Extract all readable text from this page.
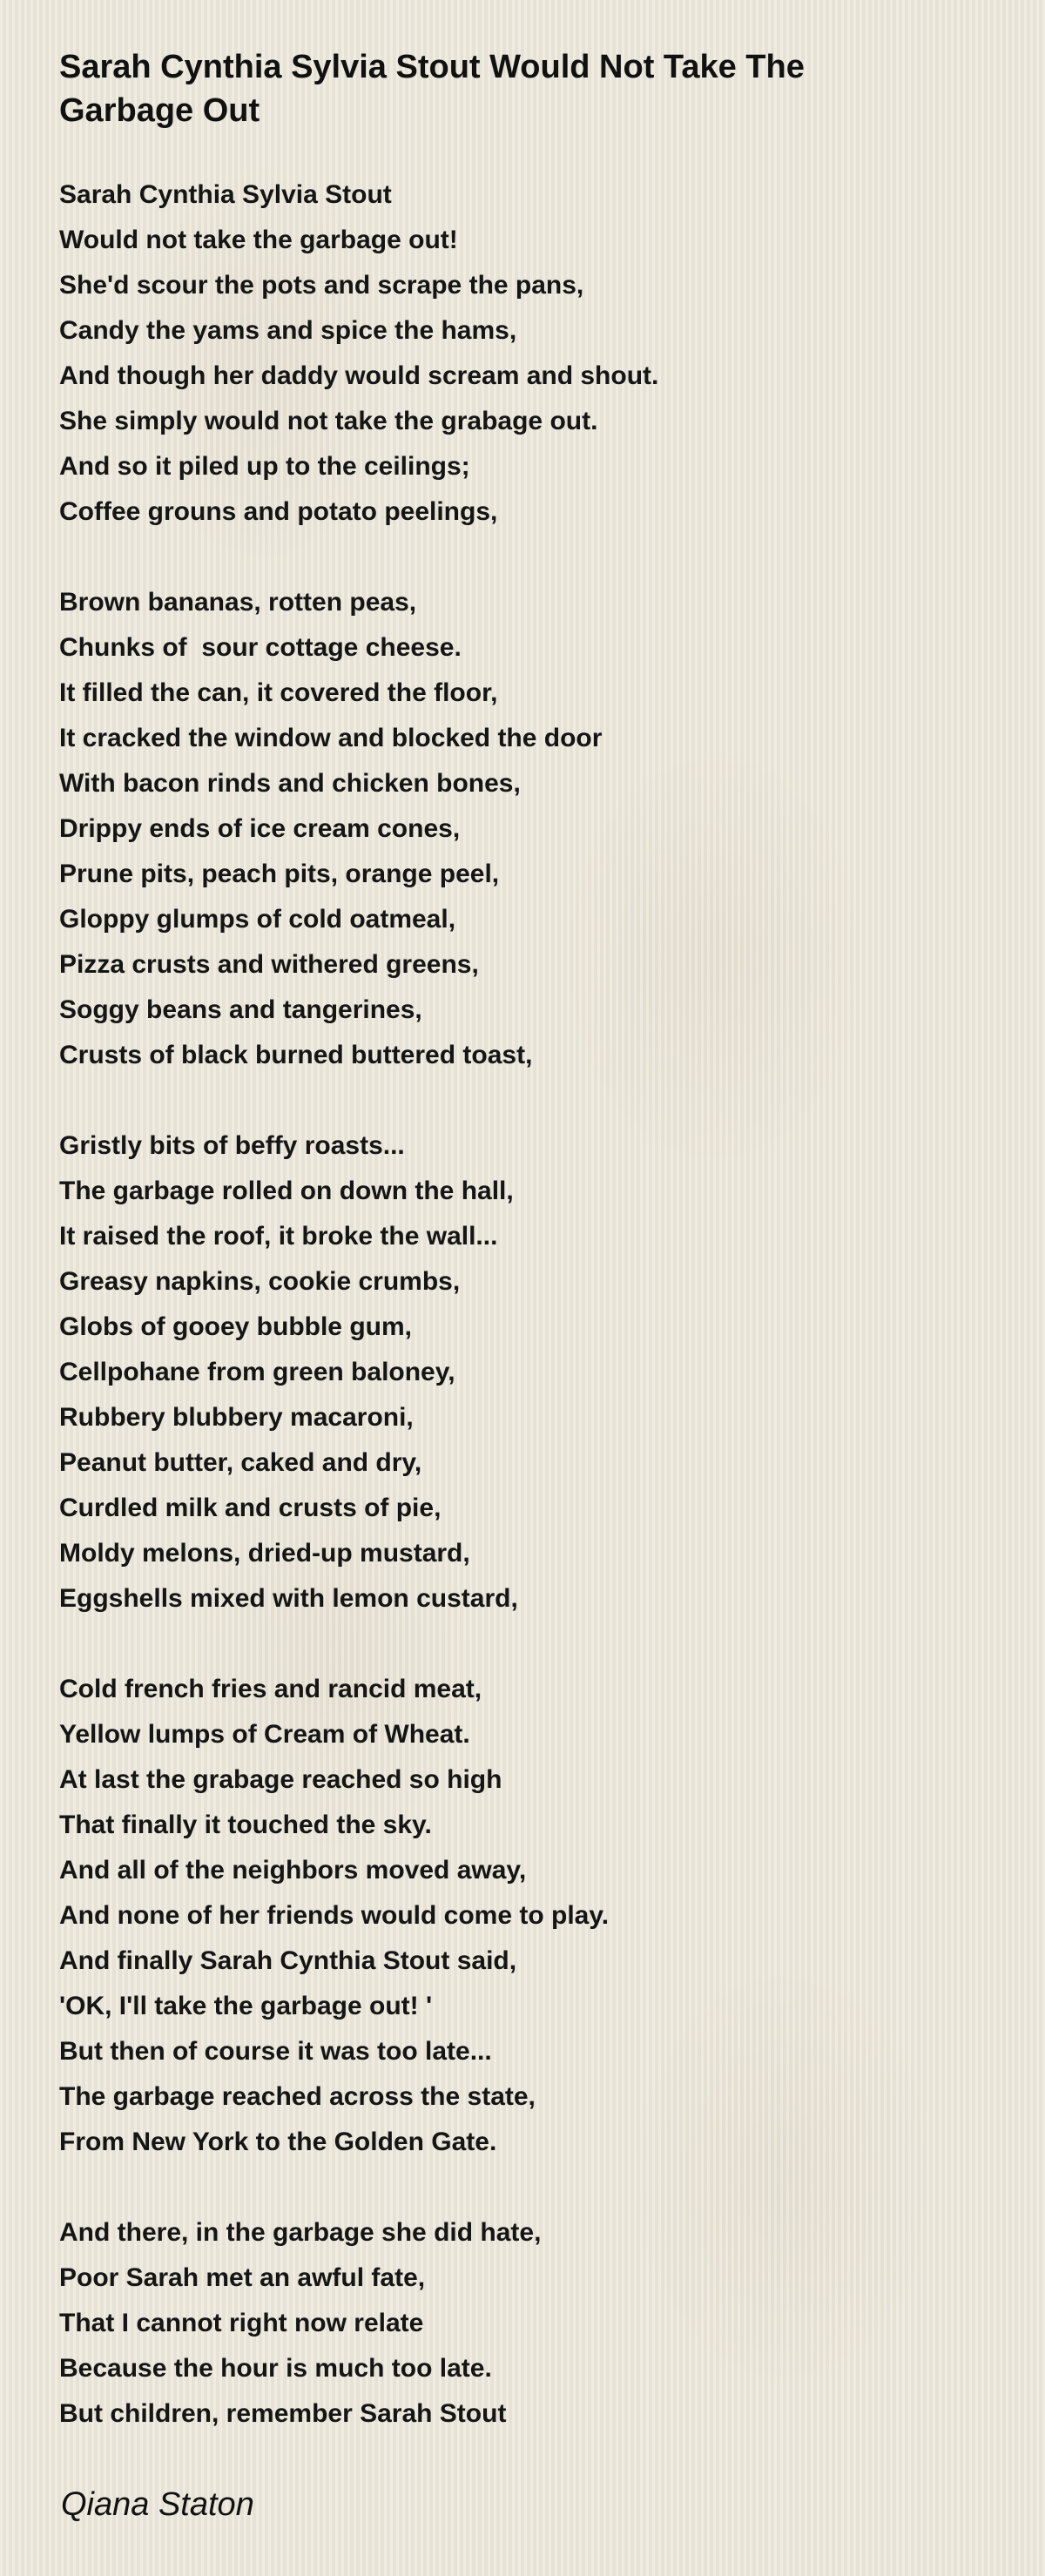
Sarah Cynthia Sylvia Stout Would Not Take The Garbage Out
Sarah Cynthia Sylvia Stout
Would not take the garbage out!
She'd scour the pots and scrape the pans,
Candy the yams and spice the hams,
And though her daddy would scream and shout.
She simply would not take the grabage out.
And so it piled up to the ceilings;
Coffee grouns and potato peelings,
Brown bananas, rotten peas,
Chunks of  sour cottage cheese.
It filled the can, it covered the floor,
It cracked the window and blocked the door
With bacon rinds and chicken bones,
Drippy ends of ice cream cones,
Prune pits, peach pits, orange peel,
Gloppy glumps of cold oatmeal,
Pizza crusts and withered greens,
Soggy beans and tangerines,
Crusts of black burned buttered toast,
Gristly bits of beffy roasts...
The garbage rolled on down the hall,
It raised the roof, it broke the wall...
Greasy napkins, cookie crumbs,
Globs of gooey bubble gum,
Cellpohane from green baloney,
Rubbery blubbery macaroni,
Peanut butter, caked and dry,
Curdled milk and crusts of pie,
Moldy melons, dried-up mustard,
Eggshells mixed with lemon custard,
Cold french fries and rancid meat,
Yellow lumps of Cream of Wheat.
At last the grabage reached so high
That finally it touched the sky.
And all of the neighbors moved away,
And none of her friends would come to play.
And finally Sarah Cynthia Stout said,
'OK, I'll take the garbage out! '
But then of course it was too late...
The garbage reached across the state,
From New York to the Golden Gate.
And there, in the garbage she did hate,
Poor Sarah met an awful fate,
That I cannot right now relate
Because the hour is much too late.
But children, remember Sarah Stout
Qiana Staton
